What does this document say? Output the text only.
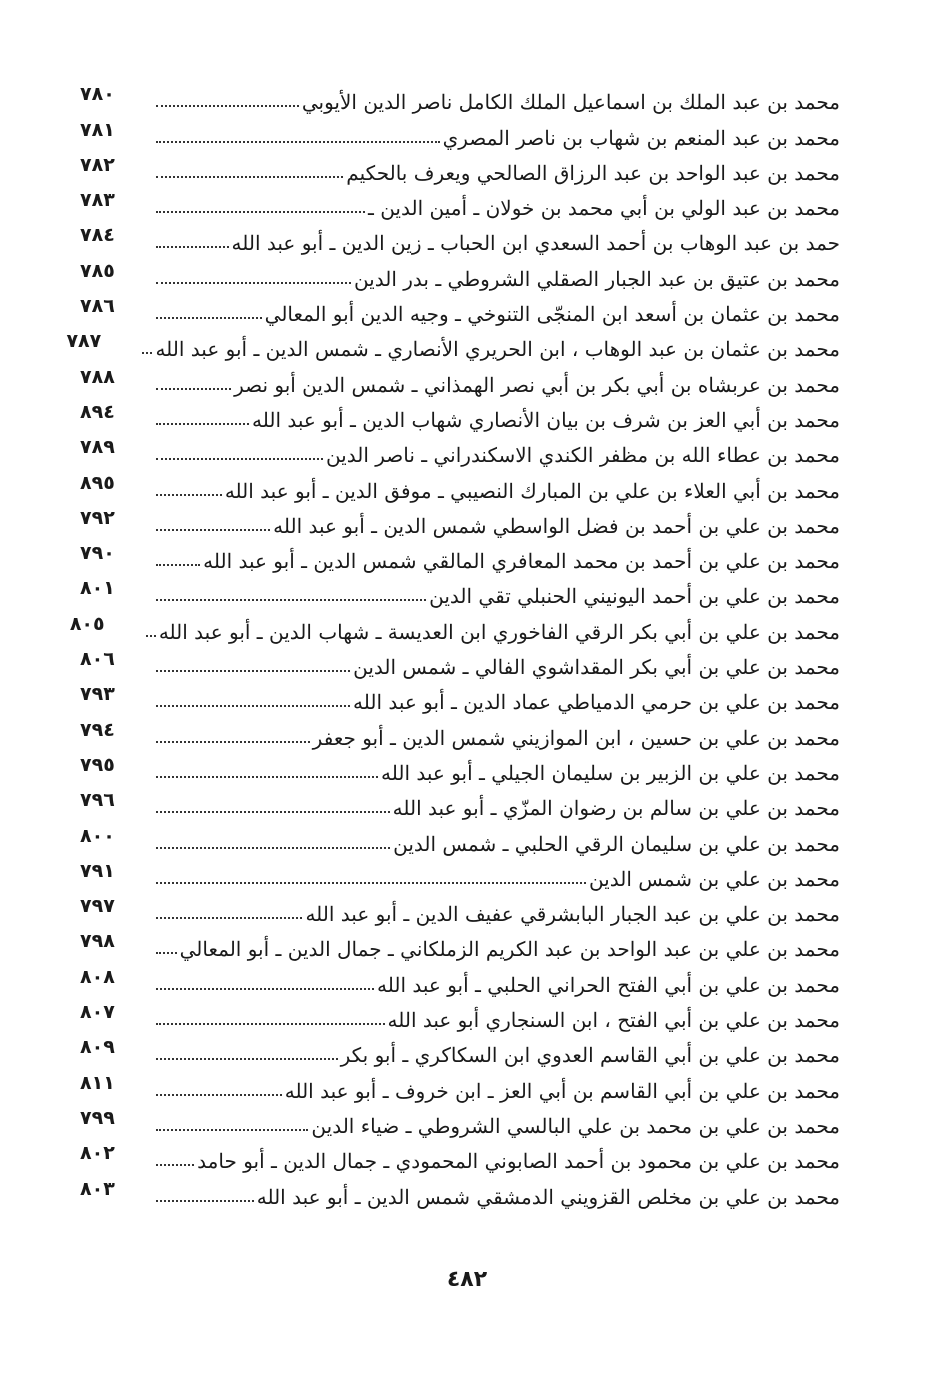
محمد بن عبد الملك بن اسماعيل الملك الكامل ناصر الدين الأيوبي
٧٨٠
محمد بن عبد المنعم بن شهاب بن ناصر المصري
٧٨١
محمد بن عبد الواحد بن عبد الرزاق الصالحي ويعرف بالحكيم
٧٨٢
محمد بن عبد الولي بن أبي محمد بن خولان ـ أمين الدين ـ
٧٨٣
حمد بن عبد الوهاب بن أحمد السعدي ابن الحباب ـ زين الدين ـ أبو عبد الله
٧٨٤
محمد بن عتيق بن عبد الجبار الصقلي الشروطي ـ بدر الدين
٧٨٥
محمد بن عثمان بن أسعد ابن المنجّى التنوخي ـ وجيه الدين أبو المعالي
٧٨٦
محمد بن عثمان بن عبد الوهاب ، ابن الحريري الأنصاري ـ شمس الدين ـ أبو عبد الله
٧٨٧
محمد بن عربشاه بن أبي بكر بن أبي نصر الهمذاني ـ شمس الدين أبو نصر
٧٨٨
محمد بن أبي العز بن شرف بن بيان الأنصاري شهاب الدين ـ أبو عبد الله
٨٩٤
محمد بن عطاء الله بن مظفر الكندي الاسكندراني ـ ناصر الدين
٧٨٩
محمد بن أبي العلاء بن علي بن المبارك النصيبي ـ موفق الدين ـ أبو عبد الله
٨٩٥
محمد بن علي بن أحمد بن فضل الواسطي شمس الدين ـ أبو عبد الله
٧٩٢
محمد بن علي بن أحمد بن محمد المعافري المالقي شمس الدين ـ أبو عبد الله
٧٩٠
محمد بن علي بن أحمد اليونيني الحنبلي تقي الدين
٨٠١
محمد بن علي بن أبي بكر الرقي الفاخوري ابن العديسة ـ شهاب الدين ـ أبو عبد الله
٨٠٥
محمد بن علي بن أبي بكر المقداشوي الفالي ـ شمس الدين
٨٠٦
محمد بن علي بن حرمي الدمياطي عماد الدين ـ أبو عبد الله
٧٩٣
محمد بن علي بن حسين ، ابن الموازيني شمس الدين ـ أبو جعفر
٧٩٤
محمد بن علي بن الزبير بن سليمان الجيلي ـ أبو عبد الله
٧٩٥
محمد بن علي بن سالم بن رضوان المزّي ـ أبو عبد الله
٧٩٦
محمد بن علي بن سليمان الرقي الحلبي ـ شمس الدين
٨٠٠
محمد بن علي بن شمس الدين
٧٩١
محمد بن علي بن عبد الجبار البابشرقي عفيف الدين ـ أبو عبد الله
٧٩٧
محمد بن علي بن عبد الواحد بن عبد الكريم الزملكاني ـ جمال الدين ـ أبو المعالي
٧٩٨
محمد بن علي بن أبي الفتح الحراني الحلبي ـ أبو عبد الله
٨٠٨
محمد بن علي بن أبي الفتح ، ابن السنجاري أبو عبد الله
٨٠٧
محمد بن علي بن أبي القاسم العدوي ابن السكاكري ـ أبو بكر
٨٠٩
محمد بن علي بن أبي القاسم بن أبي العز ـ ابن خروف ـ أبو عبد الله
٨١١
محمد بن علي بن محمد بن علي البالسي الشروطي ـ ضياء الدين
٧٩٩
محمد بن علي بن محمود بن أحمد الصابوني المحمودي ـ جمال الدين ـ أبو حامد
٨٠٢
محمد بن علي بن مخلص القزويني الدمشقي شمس الدين ـ أبو عبد الله
٨٠٣
٤٨٢
